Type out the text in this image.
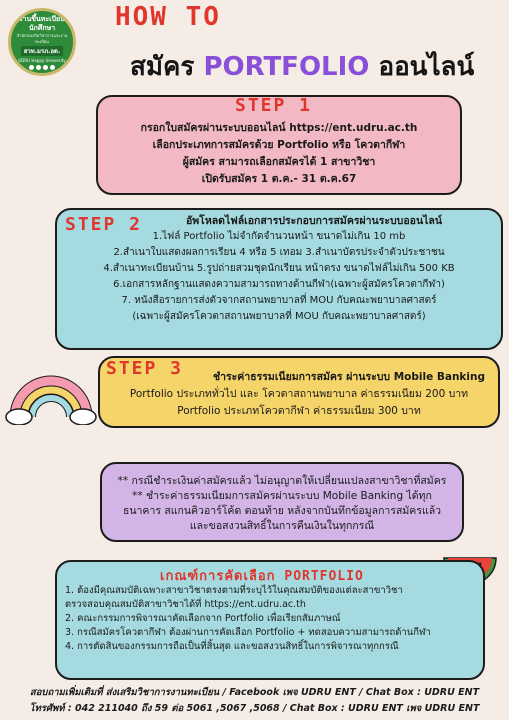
งานขึ้นทะเบียนนักศึกษา
สำนักส่งเสริมวิชาการและงานทะเบียน
สวท.มรภ.อด.
UDRU Happy University
HOW TO
สมัคร PORTFOLIO ออนไลน์
กรอกใบสมัครผ่านระบบออนไลน์ https://ent.udru.ac.th
เลือกประเภทการสมัครด้วย Portfolio หรือ โควตากีฬา
ผู้สมัคร สามารถเลือกสมัครได้ 1 สาขาวิชา
เปิดรับสมัคร 1 ต.ค.- 31 ต.ค.67
STEP 1
อัพโหลดไฟล์เอกสารประกอบการสมัครผ่านระบบออนไลน์
1.ไฟล์ Portfolio ไม่จำกัดจำนวนหน้า ขนาดไม่เกิน 10 mb
2.สำเนาใบแสดงผลการเรียน 4 หรือ 5 เทอม 3.สำเนาบัตรประจำตัวประชาชน
4.สำเนาทะเบียนบ้าน 5.รูปถ่ายสวมชุดนักเรียน หน้าตรง ขนาดไฟล์ไม่เกิน 500 KB
6.เอกสารหลักฐานแสดงความสามารถทางด้านกีฬา(เฉพาะผู้สมัครโควตากีฬา)
7. หนังสือรายการส่งตัวจากสถานพยาบาลที่ MOU กับคณะพยาบาลศาสตร์
(เฉพาะผู้สมัครโควตาสถานพยาบาลที่ MOU กับคณะพยาบาลศาสตร์)
STEP 2
ชำระค่าธรรมเนียมการสมัคร ผ่านระบบ Mobile Banking
Portfolio ประเภททั่วไป และ โควตาสถานพยาบาล ค่าธรรมเนียม 200 บาท
Portfolio ประเภทโควตากีฬา ค่าธรรมเนียม 300 บาท
STEP 3
** กรณีชำระเงินค่าสมัครแล้ว ไม่อนุญาตให้เปลี่ยนแปลงสาขาวิชาที่สมัคร
** ชำระค่าธรรมเนียมการสมัครผ่านระบบ Mobile Banking ได้ทุก
ธนาคาร สแกนคิวอาร์โค้ด ตอนท้าย หลังจากบันทึกข้อมูลการสมัครแล้ว
และขอสงวนสิทธิ์ในการคืนเงินในทุกกรณี
1. ต้องมีคุณสมบัติเฉพาะสาขาวิชาตรงตามที่ระบุไว้ในคุณสมบัติของแต่ละสาขาวิชา
ตรวจสอบคุณสมบัติสาขาวิชาได้ที่ https://ent.udru.ac.th
2. คณะกรรมการพิจารณาคัดเลือกจาก Portfolio เพื่อเรียกสัมภาษณ์
3. กรณีสมัครโควตากีฬา ต้องผ่านการคัดเลือก Portfolio + ทดสอบความสามารถด้านกีฬา
4. การตัดสินของกรรมการถือเป็นที่สิ้นสุด และขอสงวนสิทธิ์ในการพิจารณาทุกกรณี
เกณฑ์การคัดเลือก PORTFOLIO
สอบถามเพิ่มเติมที่ ส่งเสริมวิชาการงานทะเบียน / Facebook เพจ UDRU ENT / Chat Box : UDRU ENT
โทรศัพท์ : 042 211040 ถึง 59 ต่อ 5061 ,5067 ,5068 / Chat Box : UDRU ENT เพจ UDRU ENT
